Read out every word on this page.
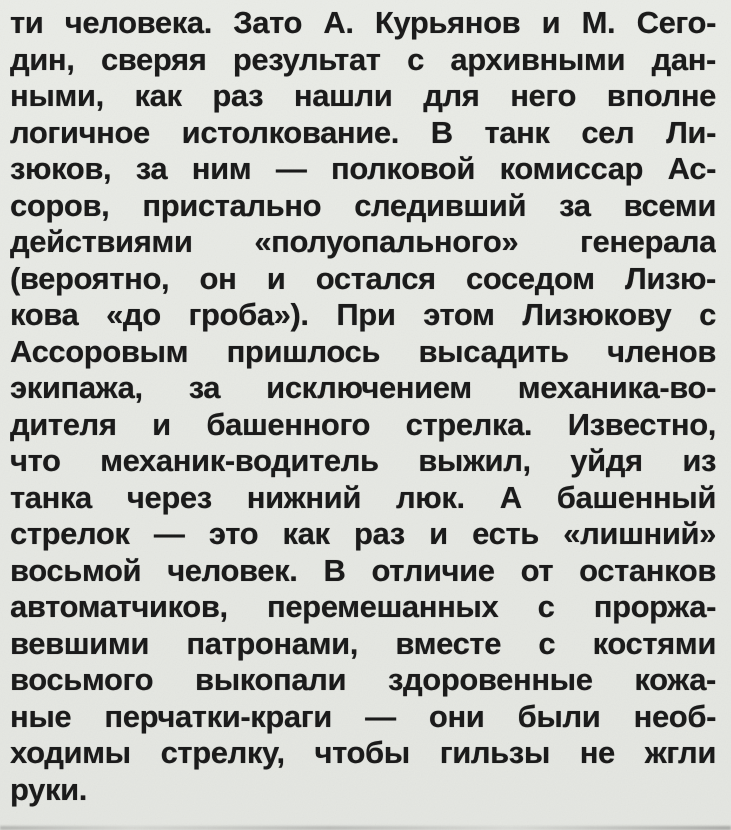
ти человека. Зато А. Курьянов и М. Сего-
дин, сверяя результат с архивными дан-
ными, как раз нашли для него вполне
логичное истолкование. В танк сел Ли-
зюков, за ним — полковой комиссар Ас-
соров, пристально следивший за всеми
действиями «полуопального» генерала
(вероятно, он и остался соседом Лизю-
кова «до гроба»). При этом Лизюкову с
Ассоровым пришлось высадить членов
экипажа, за исключением механика-во-
дителя и башенного стрелка. Известно,
что механик-водитель выжил, уйдя из
танка через нижний люк. А башенный
стрелок — это как раз и есть «лишний»
восьмой человек. В отличие от останков
автоматчиков, перемешанных с проржа-
вевшими патронами, вместе с костями
восьмого выкопали здоровенные кожа-
ные перчатки-краги — они были необ-
ходимы стрелку, чтобы гильзы не жгли
руки.
